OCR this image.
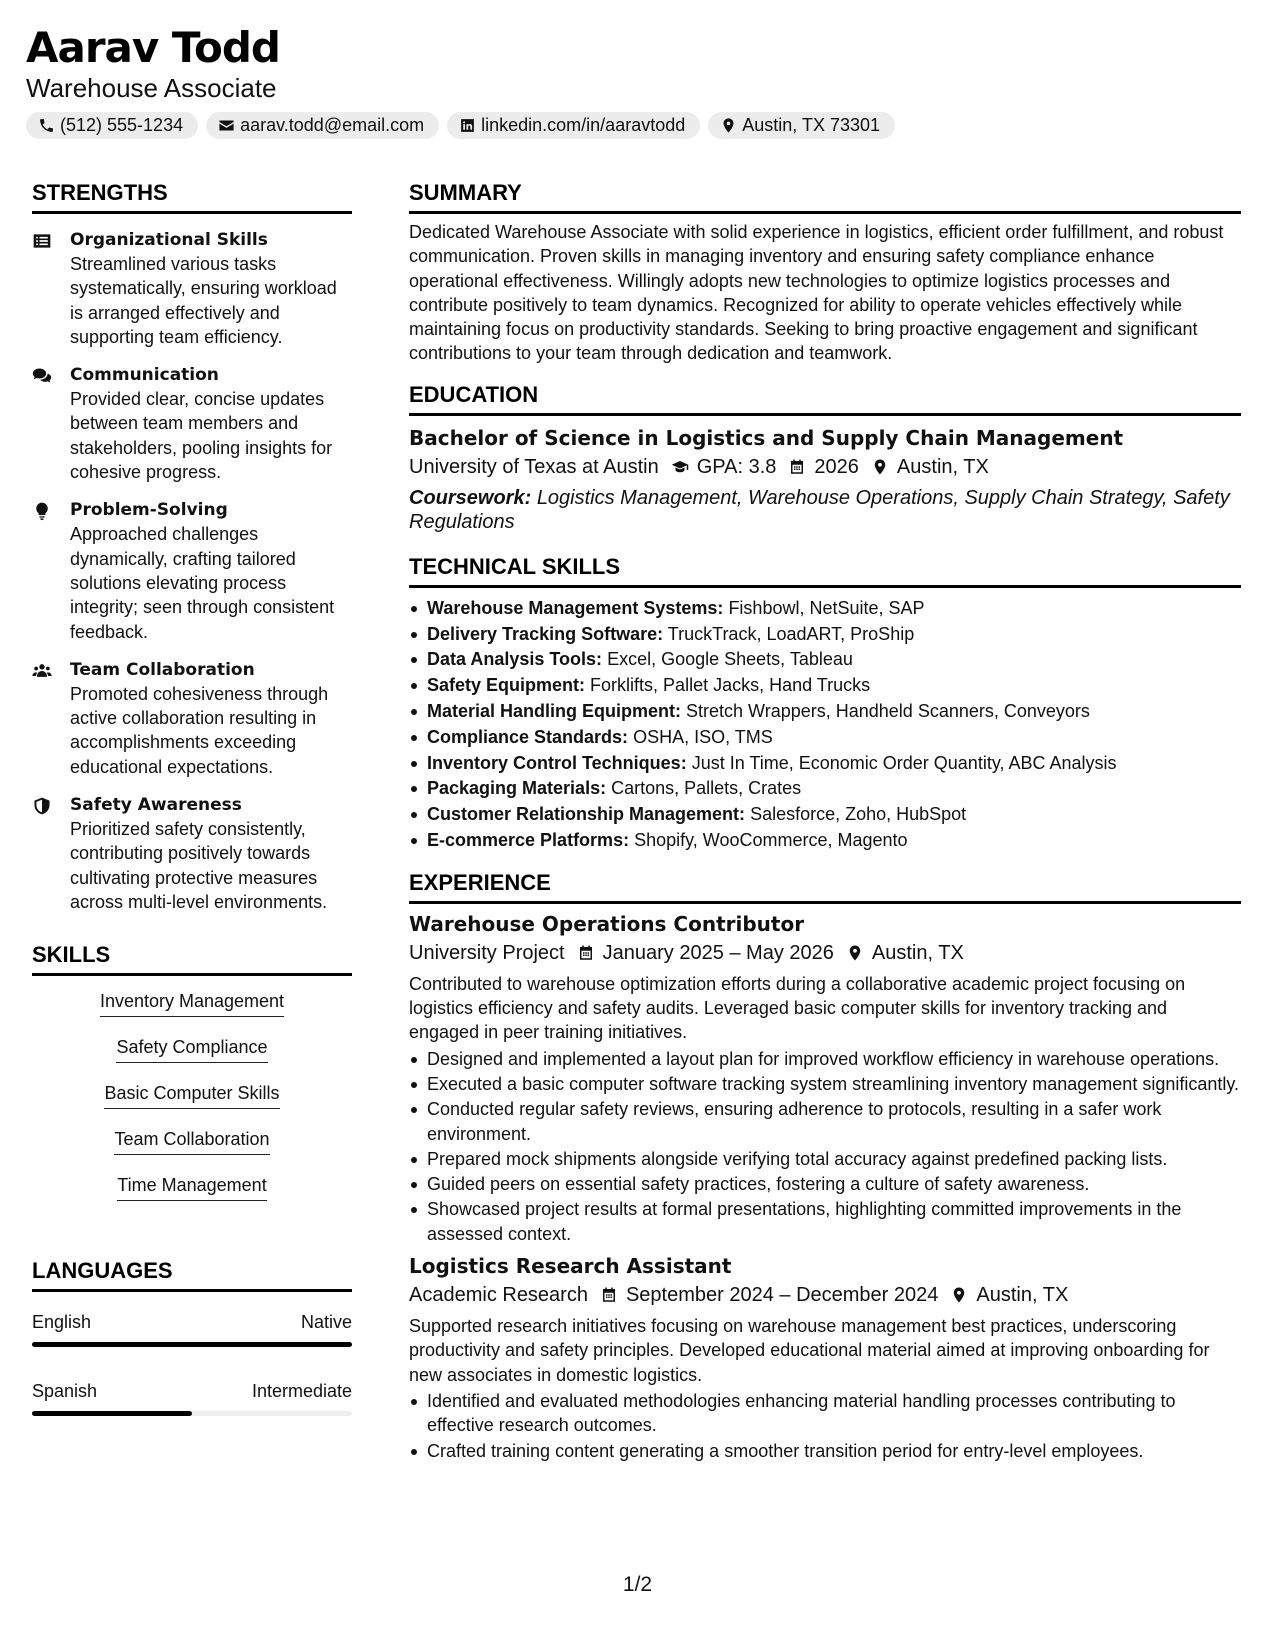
Aarav Todd
Warehouse Associate
(512) 555-1234	aarav.todd@email.com	linkedin.com/in/aaravtodd	Austin, TX 73301
STRENGTHS
Organizational Skills
Streamlined various tasks systematically, ensuring workload is arranged effectively and supporting team efficiency.
Communication
Provided clear, concise updates between team members and stakeholders, pooling insights for cohesive progress.
Problem-Solving
Approached challenges dynamically, crafting tailored solutions elevating process integrity; seen through consistent feedback.
Team Collaboration
Promoted cohesiveness through active collaboration resulting in accomplishments exceeding educational expectations.
Safety Awareness
Prioritized safety consistently, contributing positively towards cultivating protective measures across multi-level environments.
SKILLS
Inventory Management
Safety Compliance
Basic Computer Skills
Team Collaboration
Time Management
LANGUAGES
English	Native
Spanish	Intermediate
SUMMARY
Dedicated Warehouse Associate with solid experience in logistics, efficient order fulfillment, and robust communication. Proven skills in managing inventory and ensuring safety compliance enhance operational effectiveness. Willingly adopts new technologies to optimize logistics processes and contribute positively to team dynamics. Recognized for ability to operate vehicles effectively while maintaining focus on productivity standards. Seeking to bring proactive engagement and significant contributions to your team through dedication and teamwork.
EDUCATION
Bachelor of Science in Logistics and Supply Chain Management
University of Texas at Austin GPA: 3.8 2026 Austin, TX
Coursework: Logistics Management, Warehouse Operations, Supply Chain Strategy, Safety Regulations
TECHNICAL SKILLS
Warehouse Management Systems: Fishbowl, NetSuite, SAP
Delivery Tracking Software: TruckTrack, LoadART, ProShip
Data Analysis Tools: Excel, Google Sheets, Tableau
Safety Equipment: Forklifts, Pallet Jacks, Hand Trucks
Material Handling Equipment: Stretch Wrappers, Handheld Scanners, Conveyors
Compliance Standards: OSHA, ISO, TMS
Inventory Control Techniques: Just In Time, Economic Order Quantity, ABC Analysis
Packaging Materials: Cartons, Pallets, Crates
Customer Relationship Management: Salesforce, Zoho, HubSpot
E-commerce Platforms: Shopify, WooCommerce, Magento
EXPERIENCE
Warehouse Operations Contributor
University Project January 2025 – May 2026 Austin, TX
Contributed to warehouse optimization efforts during a collaborative academic project focusing on logistics efficiency and safety audits. Leveraged basic computer skills for inventory tracking and engaged in peer training initiatives.
Designed and implemented a layout plan for improved workflow efficiency in warehouse operations.
Executed a basic computer software tracking system streamlining inventory management significantly.
Conducted regular safety reviews, ensuring adherence to protocols, resulting in a safer work environment.
Prepared mock shipments alongside verifying total accuracy against predefined packing lists.
Guided peers on essential safety practices, fostering a culture of safety awareness.
Showcased project results at formal presentations, highlighting committed improvements in the assessed context.
Logistics Research Assistant
Academic Research September 2024 – December 2024 Austin, TX
Supported research initiatives focusing on warehouse management best practices, underscoring productivity and safety principles. Developed educational material aimed at improving onboarding for new associates in domestic logistics.
Identified and evaluated methodologies enhancing material handling processes contributing to effective research outcomes.
Crafted training content generating a smoother transition period for entry-level employees.
1/2
